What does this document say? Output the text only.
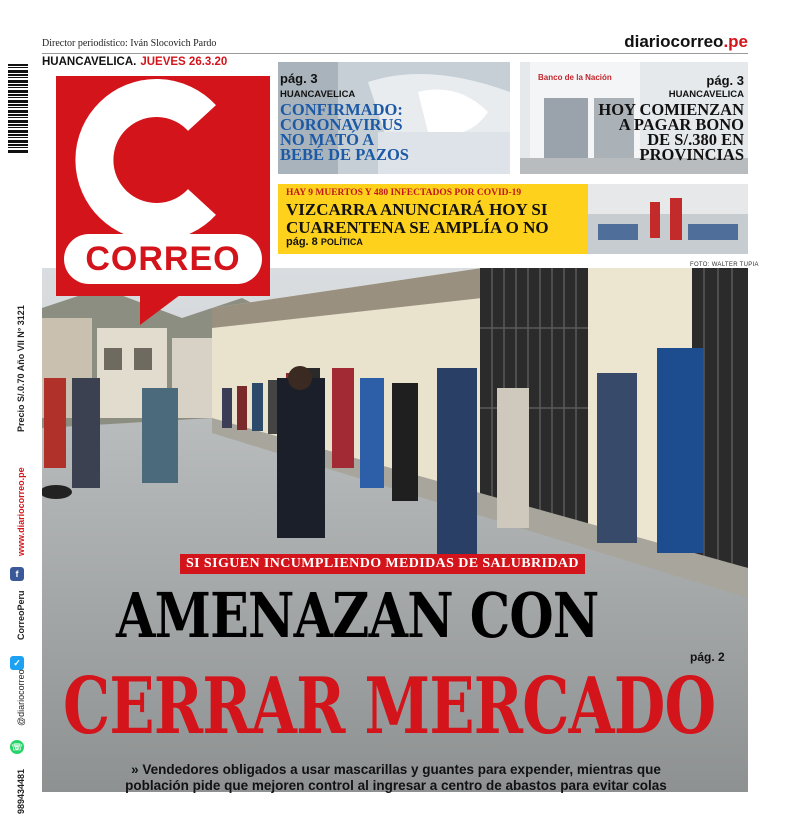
Director periodístico: Iván Slocovich Pardo	diariocorreo.pe
HUANCAVELICA. JUEVES 26.3.20
Precio S/.0.70 Año VII N° 3121
www.diariocorreo.pe
f
CorreoPeru
✓
@diariocorreo
☏
989434481
CORREO
pág. 3
HUANCAVELICA
CONFIRMADO:
CORONAVIRUS
NO MATÓ A
BEBÉ DE PAZOS
Banco de la Nación	pág. 3
HUANCAVELICA
HOY COMIENZAN
A PAGAR BONO
DE S/.380 EN
PROVINCIAS
HAY 9 MUERTOS Y 480 INFECTADOS POR COVID-19
VIZCARRA ANUNCIARÁ HOY SI
CUARENTENA SE AMPLÍA O NO
pág. 8 POLÍTICA
FOTO: WALTER TUPIA
SI SIGUEN INCUMPLIENDO MEDIDAS DE SALUBRIDAD
AMENAZAN CON
pág. 2
CERRAR MERCADO
» Vendedores obligados a usar mascarillas y guantes para expender, mientras que
población pide que mejoren control al ingresar a centro de abastos para evitar colas
